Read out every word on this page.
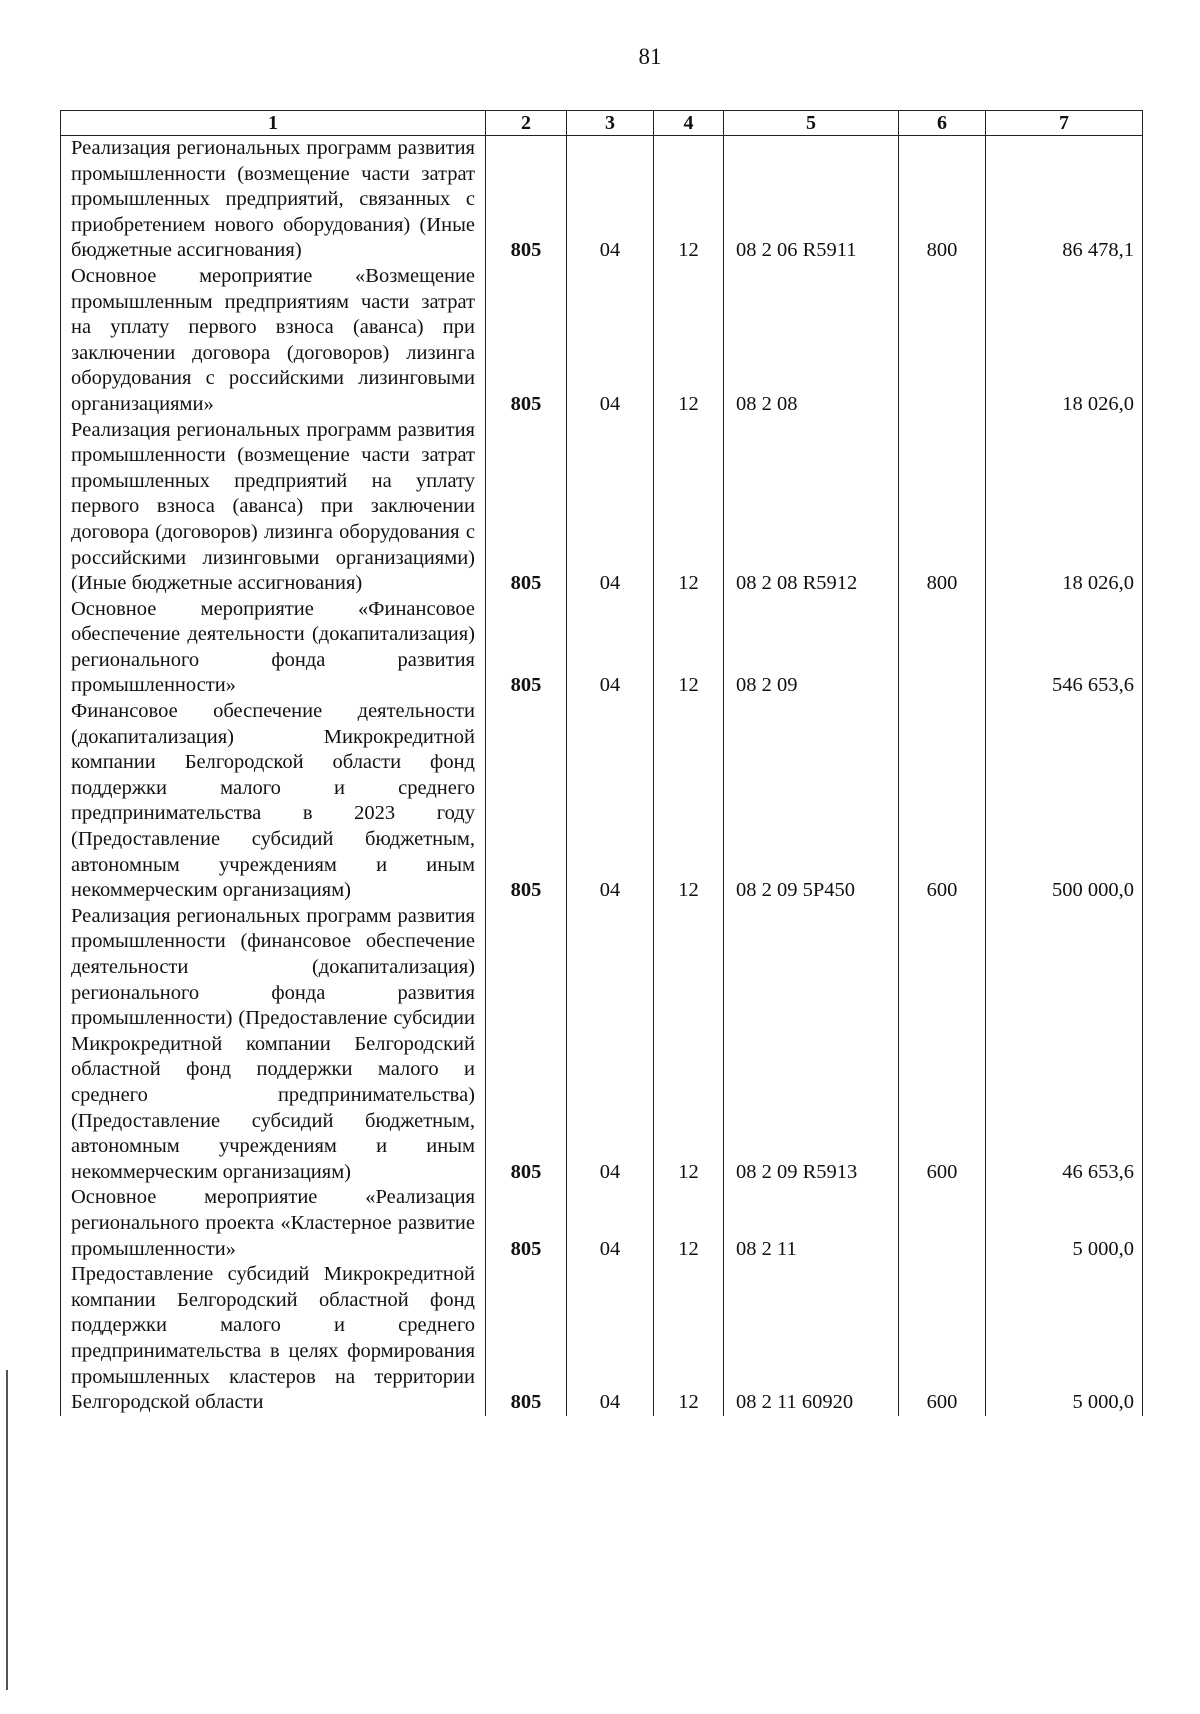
81
1	2	3	4	5	6	7
Реализация региональных программ развития промышленности (возмещение части затрат промышленных предприятий, связанных с приобретением нового оборудования) (Иные бюджетные ассигнования)	805	04	12	08 2 06 R5911	800	86 478,1
Основное мероприятие «Возмещение промышленным предприятиям части затрат на уплату первого взноса (аванса) при заключении договора (договоров) лизинга оборудования с российскими лизинговыми организациями»	805	04	12	08 2 08		18 026,0
Реализация региональных программ развития промышленности (возмещение части затрат промышленных предприятий на уплату первого взноса (аванса) при заключении договора (договоров) лизинга оборудования с российскими лизинговыми организациями) (Иные бюджетные ассигнования)	805	04	12	08 2 08 R5912	800	18 026,0
Основное мероприятие «Финансовое обеспечение деятельности (докапитализация) регионального фонда развития промышленности»	805	04	12	08 2 09		546 653,6
Финансовое обеспечение деятельности (докапитализация) Микрокредитной компании Белгородской области фонд поддержки малого и среднего предпринимательства в 2023 году (Предоставление субсидий бюджетным, автономным учреждениям и иным некоммерческим организациям)	805	04	12	08 2 09 5Р450	600	500 000,0
Реализация региональных программ развития промышленности (финансовое обеспечение деятельности (докапитализация) регионального фонда развития промышленности) (Предоставление субсидии Микрокредитной компании Белгородский областной фонд поддержки малого и среднего предпринимательства) (Предоставление субсидий бюджетным, автономным учреждениям и иным некоммерческим организациям)	805	04	12	08 2 09 R5913	600	46 653,6
Основное мероприятие «Реализация регионального проекта «Кластерное развитие промышленности»	805	04	12	08 2 11		5 000,0
Предоставление субсидий Микрокредитной компании Белгородский областной фонд поддержки малого и среднего предпринимательства в целях формирования промышленных кластеров на территории Белгородской области	805	04	12	08 2 11 60920	600	5 000,0
